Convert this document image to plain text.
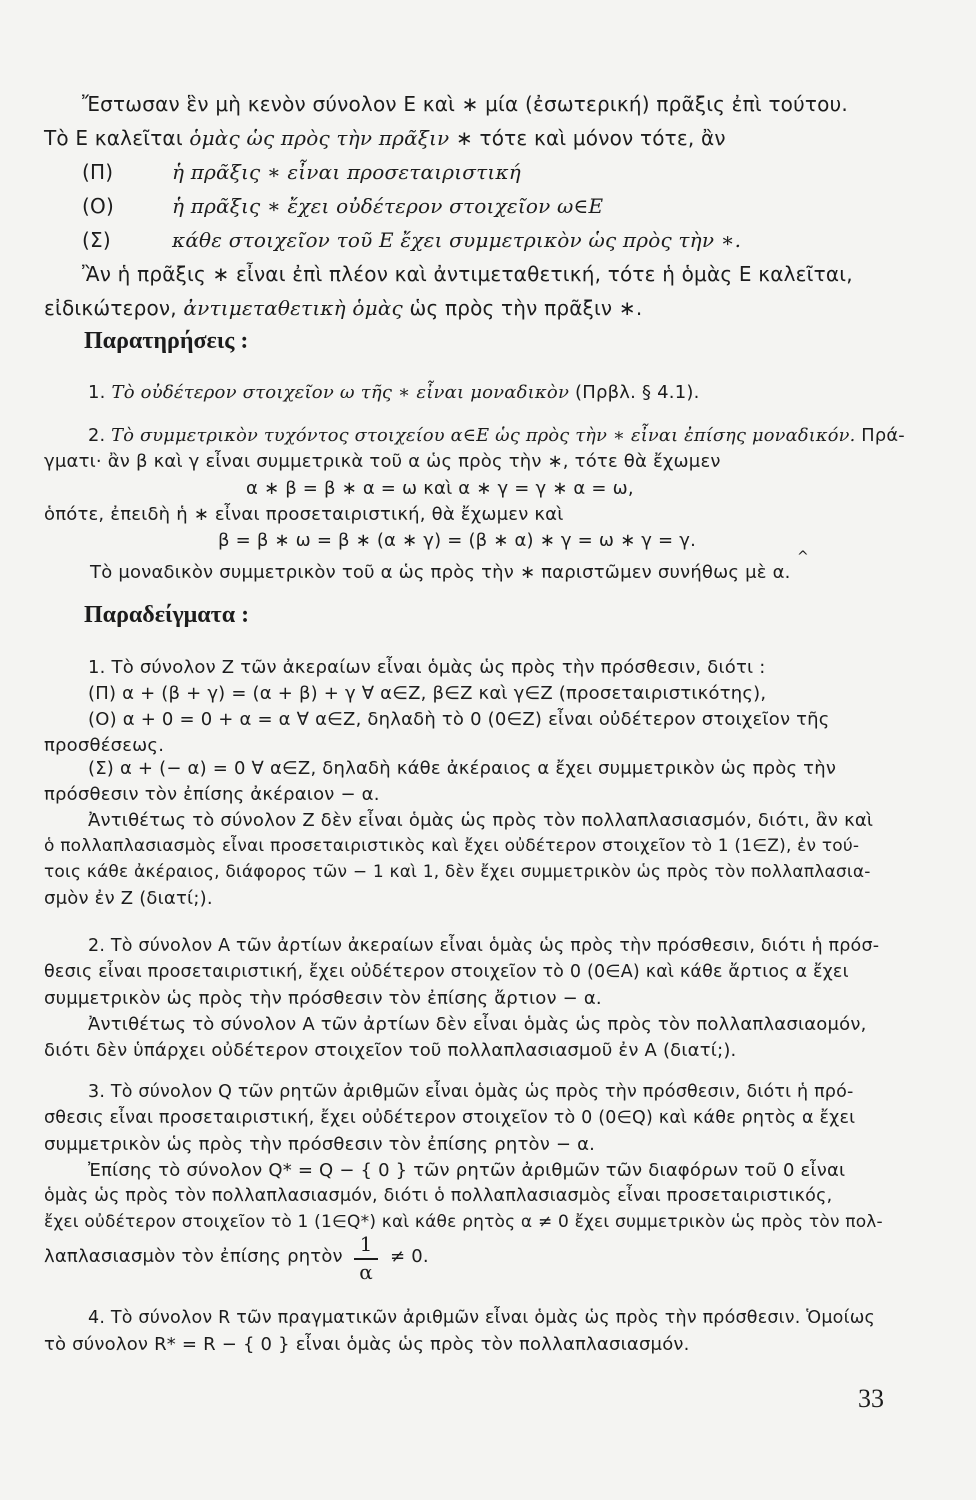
Ἔστωσαν ἓν μὴ κενὸν σύνολον E καὶ ∗ μία (ἐσωτερική) πρᾶξις ἐπὶ τούτου.
Τὸ E καλεῖται ὁμὰς ὡς πρὸς τὴν πρᾶξιν ∗ τότε καὶ μόνον τότε, ἂν
(Π)	ἡ πρᾶξις ∗ εἶναι προσεταιριστική
(Ο)	ἡ πρᾶξις ∗ ἔχει οὐδέτερον στοιχεῖον ω∈E
(Σ)	κάθε στοιχεῖον τοῦ E ἔχει συμμετρικὸν ὡς πρὸς τὴν ∗.
Ἂν ἡ πρᾶξις ∗ εἶναι ἐπὶ πλέον καὶ ἀντιμεταθετική, τότε ἡ ὁμὰς E καλεῖται,
εἰδικώτερον, ἀντιμεταθετικὴ ὁμὰς ὡς πρὸς τὴν πρᾶξιν ∗.
Παρατηρήσεις :
1. Τὸ οὐδέτερον στοιχεῖον ω τῆς ∗ εἶναι μοναδικὸν (Πρβλ. § 4.1).
2. Τὸ συμμετρικὸν τυχόντος στοιχείου α∈E ὡς πρὸς τὴν ∗ εἶναι ἐπίσης μοναδικόν. Πρά-
γματι· ἂν β καὶ γ εἶναι συμμετρικὰ τοῦ α ὡς πρὸς τὴν ∗, τότε θὰ ἔχωμεν
α ∗ β = β ∗ α = ω καὶ α ∗ γ = γ ∗ α = ω,
ὁπότε, ἐπειδὴ ἡ ∗ εἶναι προσεταιριστική, θὰ ἔχωμεν καὶ
β = β ∗ ω = β ∗ (α ∗ γ) = (β ∗ α) ∗ γ = ω ∗ γ = γ.
Τὸ μοναδικὸν συμμετρικὸν τοῦ α ὡς πρὸς τὴν ∗ παριστῶμεν συνήθως μὲ α.
^
Παραδείγματα :
1. Τὸ σύνολον Z τῶν ἀκεραίων εἶναι ὁμὰς ὡς πρὸς τὴν πρόσθεσιν, διότι :
(Π) α + (β + γ) = (α + β) + γ ∀ α∈Z, β∈Z καὶ γ∈Z (προσεταιριστικότης),
(Ο) α + 0 = 0 + α = α ∀ α∈Z, δηλαδὴ τὸ 0 (0∈Z) εἶναι οὐδέτερον στοιχεῖον τῆς
προσθέσεως.
(Σ) α + (− α) = 0 ∀ α∈Z, δηλαδὴ κάθε ἀκέραιος α ἔχει συμμετρικὸν ὡς πρὸς τὴν
πρόσθεσιν τὸν ἐπίσης ἀκέραιον − α.
Ἀντιθέτως τὸ σύνολον Z δὲν εἶναι ὁμὰς ὡς πρὸς τὸν πολλαπλασιασμόν, διότι, ἂν καὶ
ὁ πολλαπλασιασμὸς εἶναι προσεταιριστικὸς καὶ ἔχει οὐδέτερον στοιχεῖον τὸ 1 (1∈Z), ἐν τού-
τοις κάθε ἀκέραιος, διάφορος τῶν − 1 καὶ 1, δὲν ἔχει συμμετρικὸν ὡς πρὸς τὸν πολλαπλασια-
σμὸν ἐν Z (διατί;).
2. Τὸ σύνολον A τῶν ἀρτίων ἀκεραίων εἶναι ὁμὰς ὡς πρὸς τὴν πρόσθεσιν, διότι ἡ πρόσ-
θεσις εἶναι προσεταιριστική, ἔχει οὐδέτερον στοιχεῖον τὸ 0 (0∈A) καὶ κάθε ἄρτιος α ἔχει
συμμετρικὸν ὡς πρὸς τὴν πρόσθεσιν τὸν ἐπίσης ἄρτιον − α.
Ἀντιθέτως τὸ σύνολον A τῶν ἀρτίων δὲν εἶναι ὁμὰς ὡς πρὸς τὸν πολλαπλασιαομόν,
διότι δὲν ὑπάρχει οὐδέτερον στοιχεῖον τοῦ πολλαπλασιασμοῦ ἐν A (διατί;).
3. Τὸ σύνολον Q τῶν ρητῶν ἀριθμῶν εἶναι ὁμὰς ὡς πρὸς τὴν πρόσθεσιν, διότι ἡ πρό-
σθεσις εἶναι προσεταιριστική, ἔχει οὐδέτερον στοιχεῖον τὸ 0 (0∈Q) καὶ κάθε ρητὸς α ἔχει
συμμετρικὸν ὡς πρὸς τὴν πρόσθεσιν τὸν ἐπίσης ρητὸν − α.
Ἐπίσης τὸ σύνολον Q* = Q − { 0 } τῶν ρητῶν ἀριθμῶν τῶν διαφόρων τοῦ 0 εἶναι
ὁμὰς ὡς πρὸς τὸν πολλαπλασιασμόν, διότι ὁ πολλαπλασιασμὸς εἶναι προσεταιριστικός,
ἔχει οὐδέτερον στοιχεῖον τὸ 1 (1∈Q*) καὶ κάθε ρητὸς α ≠ 0 ἔχει συμμετρικὸν ὡς πρὸς τὸν πολ-
λαπλασιασμὸν τὸν ἐπίσης ρητὸν
1
α
≠ 0.
4. Τὸ σύνολον R τῶν πραγματικῶν ἀριθμῶν εἶναι ὁμὰς ὡς πρὸς τὴν πρόσθεσιν. Ὁμοίως
τὸ σύνολον R* = R − { 0 } εἶναι ὁμὰς ὡς πρὸς τὸν πολλαπλασιασμόν.
33
